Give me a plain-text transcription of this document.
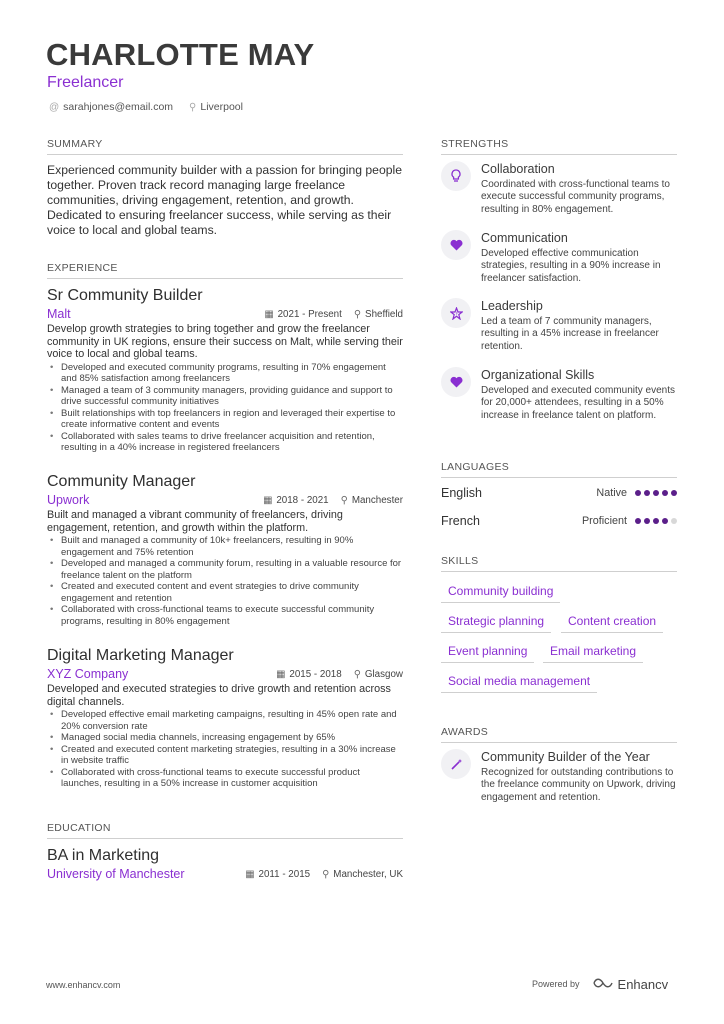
CHARLOTTE MAY
Freelancer
@ sarahjones@email.com ⚲ Liverpool
SUMMARY
Experienced community builder with a passion for bringing people together. Proven track record managing large freelance communities, driving engagement, retention, and growth. Dedicated to ensuring freelancer success, while serving as their voice to local and global teams.
EXPERIENCE
Sr Community Builder
Malt	▦ 2021 - Present ⚲ Sheffield
Develop growth strategies to bring together and grow the freelancer community in UK regions, ensure their success on Malt, while serving their voice to local and global teams.
• Developed and executed community programs, resulting in 70% engagement and 85% satisfaction among freelancers
• Managed a team of 3 community managers, providing guidance and support to drive successful community initiatives
• Built relationships with top freelancers in region and leveraged their expertise to create informative content and events
• Collaborated with sales teams to drive freelancer acquisition and retention, resulting in a 40% increase in registered freelancers
Community Manager
Upwork	▦ 2018 - 2021 ⚲ Manchester
Built and managed a vibrant community of freelancers, driving engagement, retention, and growth within the platform.
• Built and managed a community of 10k+ freelancers, resulting in 90% engagement and 75% retention
• Developed and managed a community forum, resulting in a valuable resource for freelance talent on the platform
• Created and executed content and event strategies to drive community engagement and retention
• Collaborated with cross-functional teams to execute successful community programs, resulting in 80% engagement
Digital Marketing Manager
XYZ Company	▦ 2015 - 2018 ⚲ Glasgow
Developed and executed strategies to drive growth and retention across digital channels.
• Developed effective email marketing campaigns, resulting in 45% open rate and 20% conversion rate
• Managed social media channels, increasing engagement by 65%
• Created and executed content marketing strategies, resulting in a 30% increase in website traffic
• Collaborated with cross-functional teams to execute successful product launches, resulting in a 50% increase in customer acquisition
EDUCATION
BA in Marketing
University of Manchester	▦ 2011 - 2015 ⚲ Manchester, UK
STRENGTHS
Collaboration
Coordinated with cross-functional teams to execute successful community programs, resulting in 80% engagement.
Communication
Developed effective communication strategies, resulting in a 90% increase in freelancer satisfaction.
Leadership
Led a team of 7 community managers, resulting in a 45% increase in freelancer retention.
Organizational Skills
Developed and executed community events for 20,000+ attendees, resulting in a 50% increase in freelance talent on platform.
LANGUAGES
English	Native
French	Proficient
SKILLS
Community building
Strategic planning	Content creation
Event planning	Email marketing
Social media management
AWARDS
Community Builder of the Year
Recognized for outstanding contributions to the freelance community on Upwork, driving engagement and retention.
www.enhancv.com	Powered by	Enhancv
